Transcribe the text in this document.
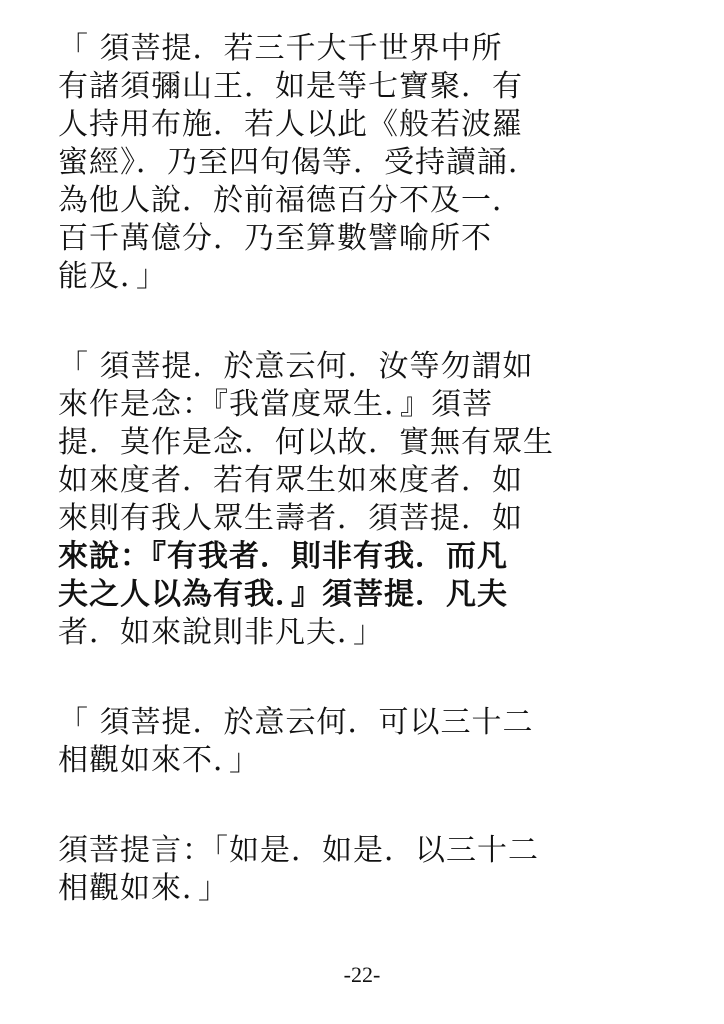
「 須菩提．若三千大千世界中所
有諸須彌山王．如是等七寶聚．有
人持用布施．若人以此《般若波羅
蜜經》．乃至四句偈等．受持讀誦．
為他人說．於前福德百分不及一．
百千萬億分．乃至算數譬喻所不
能及．」
「 須菩提．於意云何．汝等勿謂如
來作是念：『我當度眾生．』須菩
提．莫作是念．何以故．實無有眾生
如來度者．若有眾生如來度者．如
來則有我人眾生壽者．須菩提．如
來說：『有我者．則非有我．而凡
夫之人以為有我．』須菩提．凡夫
者．如來說則非凡夫．」
「 須菩提．於意云何．可以三十二
相觀如來不．」
須菩提言：「如是．如是．以三十二
相觀如來．」
-22-
